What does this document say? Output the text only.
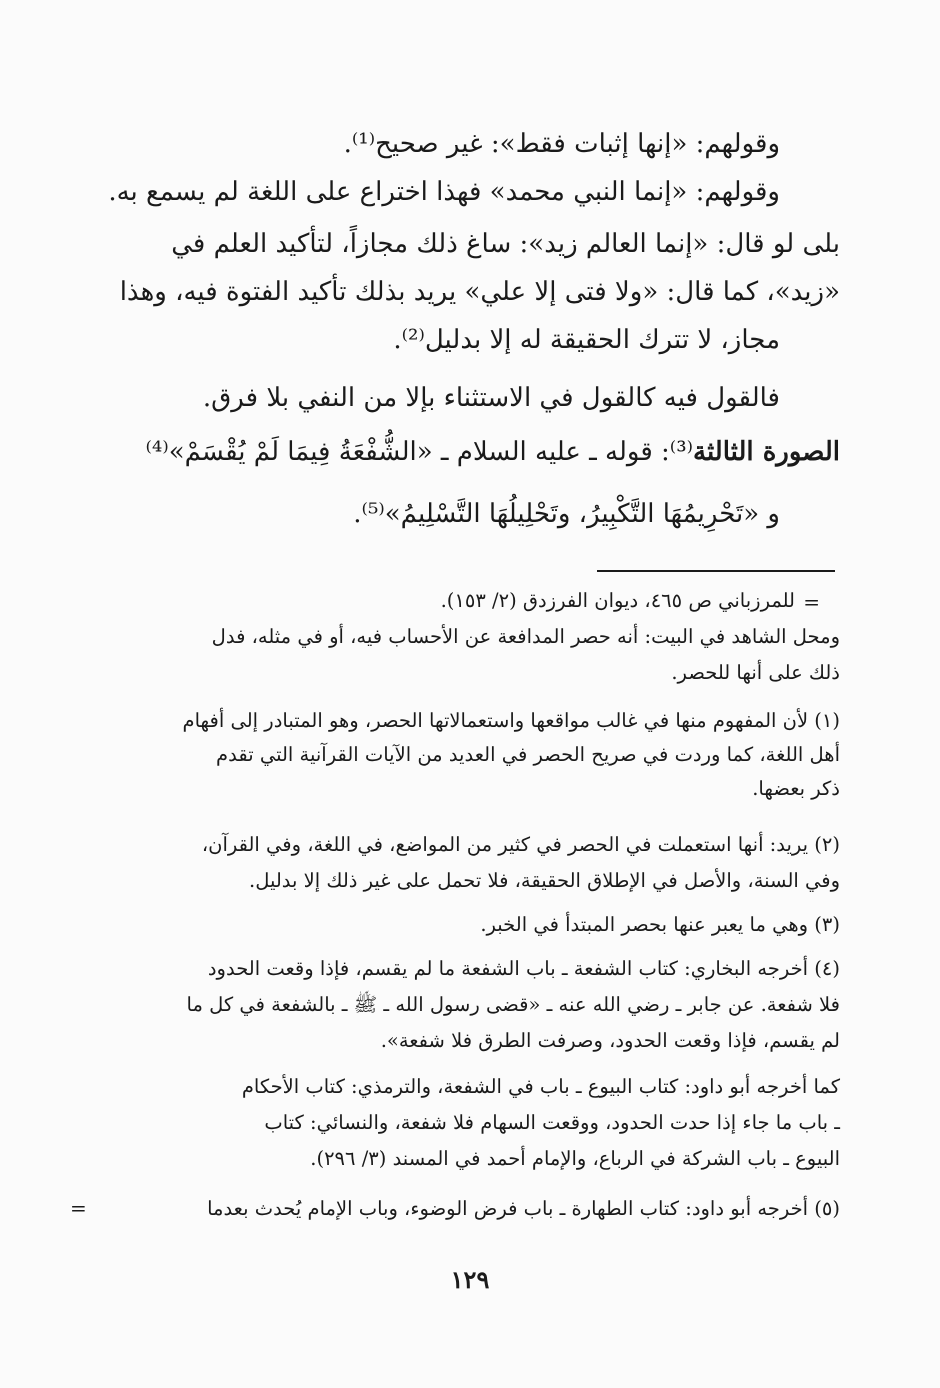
وقولهم: «إنها إثبات فقط»: غير صحيح⁽¹⁾.
وقولهم: «إنما النبي محمد» فهذا اختراع على اللغة لم يسمع به.
بلى لو قال: «إنما العالم زيد»: ساغ ذلك مجازاً، لتأكيد العلم في
«زيد»، كما قال: «ولا فتى إلا علي» يريد بذلك تأكيد الفتوة فيه، وهذا
مجاز، لا تترك الحقيقة له إلا بدليل⁽²⁾.
فالقول فيه كالقول في الاستثناء بإلا من النفي بلا فرق.
الصورة الثالثة⁽³⁾: قوله ـ عليه السلام ـ «الشُّفْعَةُ فِيمَا لَمْ يُقْسَمْ»⁽⁴⁾
و «تَحْرِيمُهَا التَّكْبِيرُ، وتَحْلِيلُهَا التَّسْلِيمُ»⁽⁵⁾.
=
للمرزباني ص ٤٦٥، ديوان الفرزدق (٢/ ١٥٣).
ومحل الشاهد في البيت: أنه حصر المدافعة عن الأحساب فيه، أو في مثله، فدل
ذلك على أنها للحصر.
(١) لأن المفهوم منها في غالب مواقعها واستعمالاتها الحصر، وهو المتبادر إلى أفهام
أهل اللغة، كما وردت في صريح الحصر في العديد من الآيات القرآنية التي تقدم
ذكر بعضها.
(٢) يريد: أنها استعملت في الحصر في كثير من المواضع، في اللغة، وفي القرآن،
وفي السنة، والأصل في الإطلاق الحقيقة، فلا تحمل على غير ذلك إلا بدليل.
(٣) وهي ما يعبر عنها بحصر المبتدأ في الخبر.
(٤) أخرجه البخاري: كتاب الشفعة ـ باب الشفعة ما لم يقسم، فإذا وقعت الحدود
فلا شفعة. عن جابر ـ رضي الله عنه ـ «قضى رسول الله ـ ﷺ ـ بالشفعة في كل ما
لم يقسم، فإذا وقعت الحدود، وصرفت الطرق فلا شفعة».
كما أخرجه أبو داود: كتاب البيوع ـ باب في الشفعة، والترمذي: كتاب الأحكام
ـ باب ما جاء إذا حدت الحدود، ووقعت السهام فلا شفعة، والنسائي: كتاب
البيوع ـ باب الشركة في الرباع، والإمام أحمد في المسند (٣/ ٢٩٦).
(٥) أخرجه أبو داود: كتاب الطهارة ـ باب فرض الوضوء، وباب الإمام يُحدث بعدما
=
١٢٩
